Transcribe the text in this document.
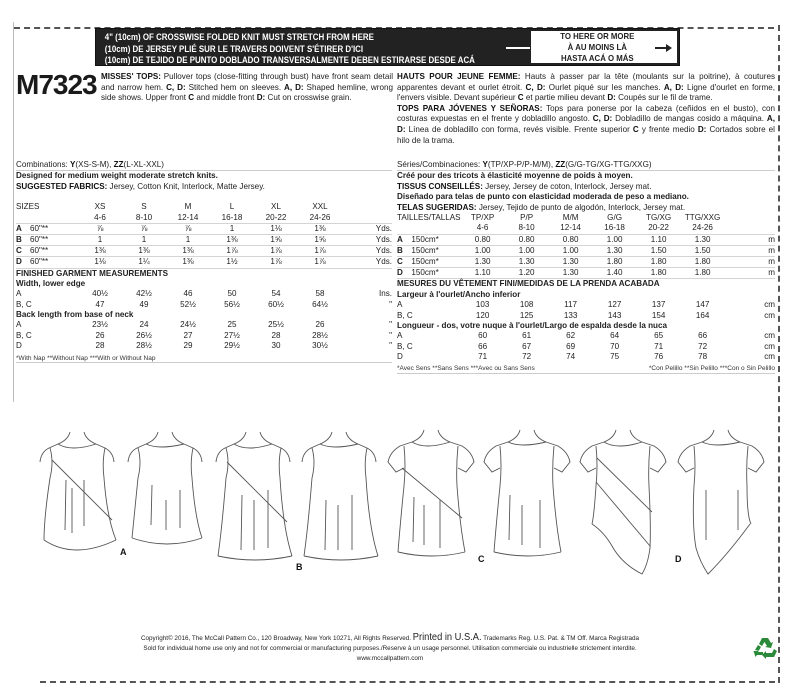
4" (10cm) OF CROSSWISE FOLDED KNIT MUST STRETCH FROM HERE
(10cm) DE JERSEY PLIÉ SUR LE TRAVERS DOIVENT S'ÉTIRER D'ICI
(10cm) DE TEJIDO DE PUNTO DOBLADO TRANSVERSALMENTE DEBEN ESTIRARSE DESDE ACÁ
TO HERE OR MORE
À AU MOINS LÀ
HASTA ACÁ O MÁS
M7323 MISSES' TOPS: Pullover tops (close-fitting through bust) have front seam detail and narrow hem. C, D: Stitched hem on sleeves. A, D: Shaped hemline, wrong side shows. Upper front C and middle front D: Cut on crosswise grain.
HAUTS POUR JEUNE FEMME: Hauts à passer par la tête (moulants sur la poitrine), à coutures apparentes devant et ourlet étroit. C, D: Ourlet piqué sur les manches. A, D: Ligne d'ourlet en forme, l'envers visible. Devant supérieur C et partie milieu devant D: Coupés sur le fil de trame.
TOPS PARA JÓVENES Y SEÑORAS: Tops para ponerse por la cabeza (ceñidos en el busto), con costuras expuestas en el frente y dobladillo angosto. C, D: Dobladillo de mangas cosido a máquina. A, D: Línea de dobladillo con forma, revés visible. Frente superior C y frente medio D: Cortados sobre el hilo de la trama.
Combinations: Y(XS-S-M), ZZ(L-XL-XXL)
Designed for medium weight moderate stretch knits.
SUGGESTED FABRICS: Jersey, Cotton Knit, Interlock, Matte Jersey.
SIZES		XS	S	M	L	XL	XXL	
		4-6	8-10	12-14	16-18	20-22	24-26	
A	60"**	⅞	⅞	⅞	1	1⅛	1⅜	Yds.
B	60"**	1	1	1	1⅜	1⅝	1⅝	Yds.
C	60"**	1⅜	1⅜	1⅜	1⅞	1⅞	1⅞	Yds.
D	60"**	1⅛	1¼	1⅜	1½	1⅞	1⅞	Yds.
FINISHED GARMENT MEASUREMENTS								
Width, lower edge								
A		40½	42½	46	50	54	58	Ins.
B, C		47	49	52½	56½	60½	64½	"
Back length from base of neck								
A		23½	24	24½	25	25½	26	"
B, C		26	26½	27	27½	28	28½	"
D		28	28½	29	29½	30	30½	"
*With Nap **Without Nap ***With or Without Nap
Séries/Combinaciones: Y(TP/XP-P/P-M/M), ZZ(G/G-TG/XG-TTG/XXG)
Créé pour des tricots à élasticité moyenne de poids à moyen.
TISSUS CONSEILLÉS: Jersey, Jersey de coton, Interlock, Jersey mat.
Diseñado para telas de punto con elasticidad moderada de peso a mediano.
TELAS SUGERIDAS: Jersey, Tejido de punto de algodón, Interlock, Jersey mat.
TAILLES/TALLAS		TP/XP	P/P	M/M	G/G	TG/XG	TTG/XXG	
		4-6	8-10	12-14	16-18	20-22	24-26	
A	150cm*	0.80	0.80	0.80	1.00	1.10	1.30	m
B	150cm*	1.00	1.00	1.00	1.30	1.50	1.50	m
C	150cm*	1.30	1.30	1.30	1.80	1.80	1.80	m
D	150cm*	1.10	1.20	1.30	1.40	1.80	1.80	m
MESURES DU VÊTEMENT FINI/MEDIDAS DE LA PRENDA ACABADA								
Largeur à l'ourlet/Ancho inferior								
A		103	108	117	127	137	147	cm
B, C		120	125	133	143	154	164	cm
Longueur - dos, votre nuque à l'ourlet/Largo de espalda desde la nuca								
A		60	61	62	64	65	66	cm
B, C		66	67	69	70	71	72	cm
D		71	72	74	75	76	78	cm
*Avec Sens **Sans Sens ***Avec ou Sans Sens	*Con Pelillo **Sin Pelillo ***Con o Sin Pelillo
A
B
C	D
Copyright© 2016, The McCall Pattern Co., 120 Broadway, New York 10271, All Rights Reserved. Printed in U.S.A. Trademarks Reg. U.S. Pat. & TM Off. Marca Registrada
Sold for individual home use only and not for commercial or manufacturing purposes./Reserve à un usage personnel. Utilisation commerciale ou industrielle strictement interdite.
www.mccallpattern.com
